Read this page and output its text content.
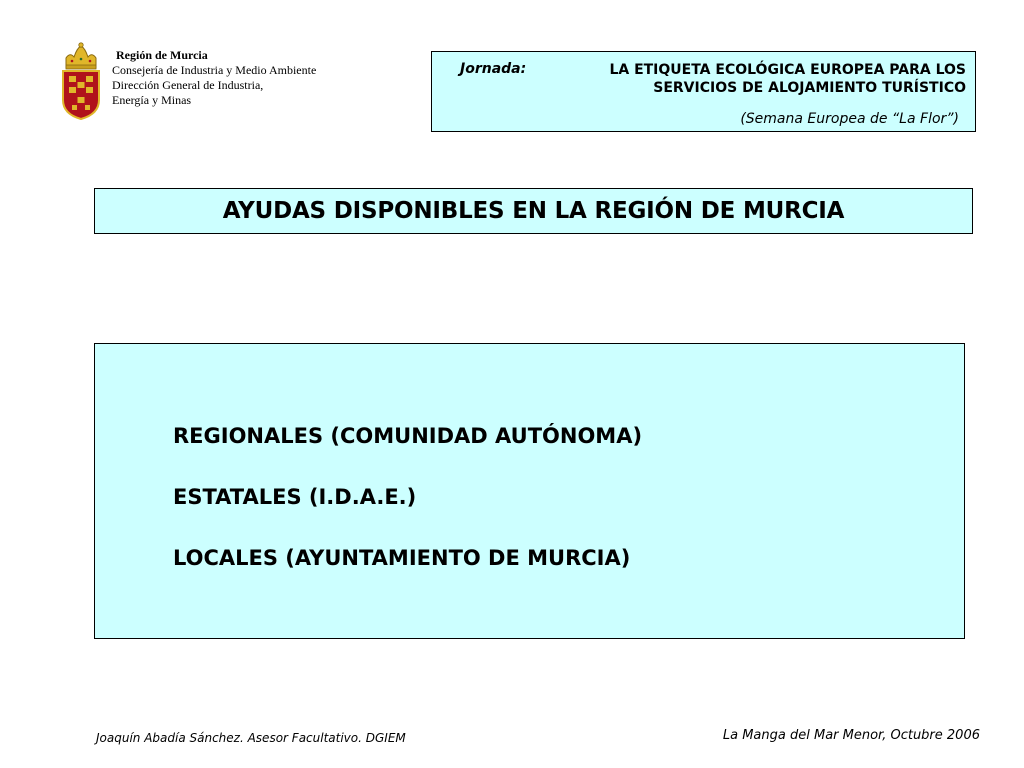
Región de Murcia
Consejería de Industria y Medio Ambiente
Dirección General de Industria,
Energía y Minas
Jornada:	LA ETIQUETA ECOLÓGICA EUROPEA PARA LOS
SERVICIOS DE ALOJAMIENTO TURÍSTICO
(Semana Europea de “La Flor”)
AYUDAS DISPONIBLES EN LA REGIÓN DE MURCIA
REGIONALES (COMUNIDAD AUTÓNOMA)
ESTATALES (I.D.A.E.)
LOCALES (AYUNTAMIENTO DE MURCIA)
Joaquín Abadía Sánchez. Asesor Facultativo. DGIEM	La Manga del Mar Menor, Octubre 2006
